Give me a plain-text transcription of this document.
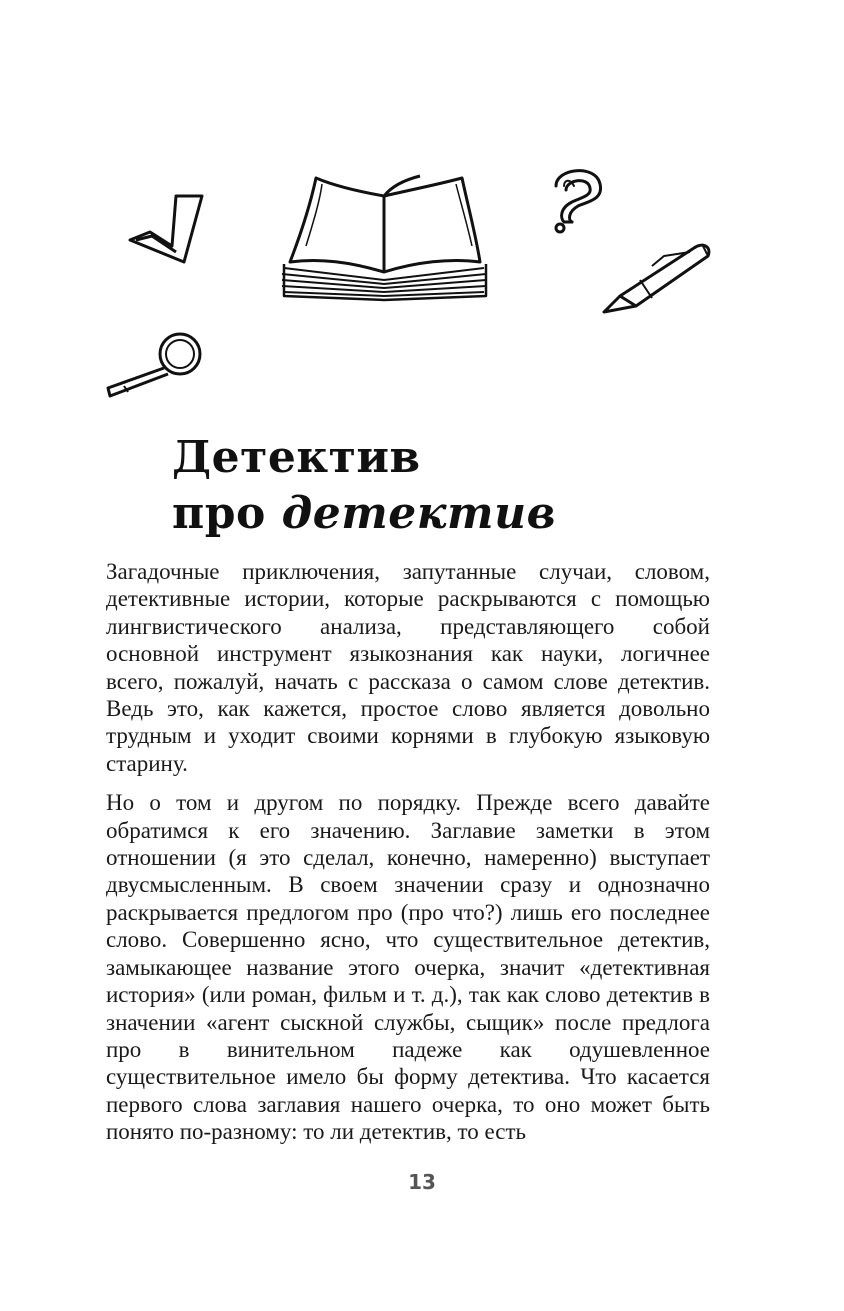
Детектив
про детектив

Загадочные приключения, запутанные случаи, словом, детективные истории, которые раскрываются с помощью лингвистического анализа, представляющего собой основной инструмент языкознания как науки, логичнее всего, пожалуй, начать с рассказа о самом слове детектив. Ведь это, как кажется, простое слово является довольно трудным и уходит своими корнями в глубокую языковую старину.

Но о том и другом по порядку. Прежде всего давайте обратимся к его значению. Заглавие заметки в этом отношении (я это сделал, конечно, намеренно) выступает двусмысленным. В своем значении сразу и однозначно раскрывается предлогом про (про что?) лишь его последнее слово. Совершенно ясно, что существительное детектив, замыкающее название этого очерка, значит «детективная история» (или роман, фильм и т. д.), так как слово детектив в значении «агент сыскной службы, сыщик» после предлога про в винительном падеже как одушевленное существительное имело бы форму детектива. Что касается первого слова заглавия нашего очерка, то оно может быть понято по-разному: то ли детектив, то есть

13
